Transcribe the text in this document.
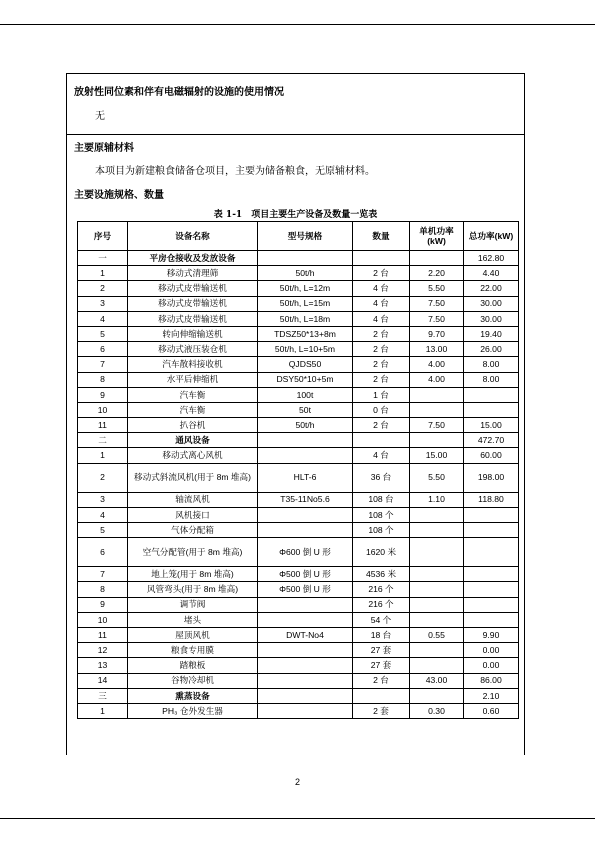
放射性同位素和伴有电磁辐射的设施的使用情况
无
主要原辅材料
本项目为新建粮食储备仓项目，主要为储备粮食，无原辅材料。
主要设施规格、数量
表 1-1　项目主要生产设备及数量一览表
序号	设备名称	型号规格	数量	单机功率(kW)	总功率(kW)
一	平房仓接收及发放设备				162.80
1	移动式清理筛	50t/h	2 台	2.20	4.40
2	移动式皮带输送机	50t/h, L=12m	4 台	5.50	22.00
3	移动式皮带输送机	50t/h, L=15m	4 台	7.50	30.00
4	移动式皮带输送机	50t/h, L=18m	4 台	7.50	30.00
5	转向伸缩输送机	TDSZ50*13+8m	2 台	9.70	19.40
6	移动式液压装仓机	50t/h, L=10+5m	2 台	13.00	26.00
7	汽车散料接收机	QJDS50	2 台	4.00	8.00
8	水平后伸缩机	DSY50*10+5m	2 台	4.00	8.00
9	汽车衡	100t	1 台		
10	汽车衡	50t	0 台		
11	扒谷机	50t/h	2 台	7.50	15.00
二	通风设备				472.70
1	移动式离心风机		4 台	15.00	60.00
2	移动式斜流风机(用于 8m 堆高)	HLT-6	36 台	5.50	198.00
3	轴流风机	T35-11No5.6	108 台	1.10	118.80
4	风机接口		108 个		
5	气体分配箱		108 个		
6	空气分配管(用于 8m 堆高)	Φ600 倒 U 形	1620 米		
7	地上笼(用于 8m 堆高)	Φ500 倒 U 形	4536 米		
8	风管弯头(用于 8m 堆高)	Φ500 倒 U 形	216 个		
9	调节阀		216 个		
10	堵头		54 个		
11	屋顶风机	DWT-No4	18 台	0.55	9.90
12	粮食专用膜		27 套		0.00
13	踏粮板		27 套		0.00
14	谷物冷却机		2 台	43.00	86.00
三	熏蒸设备				2.10
1	PH₃ 仓外发生器		2 套	0.30	0.60
2
